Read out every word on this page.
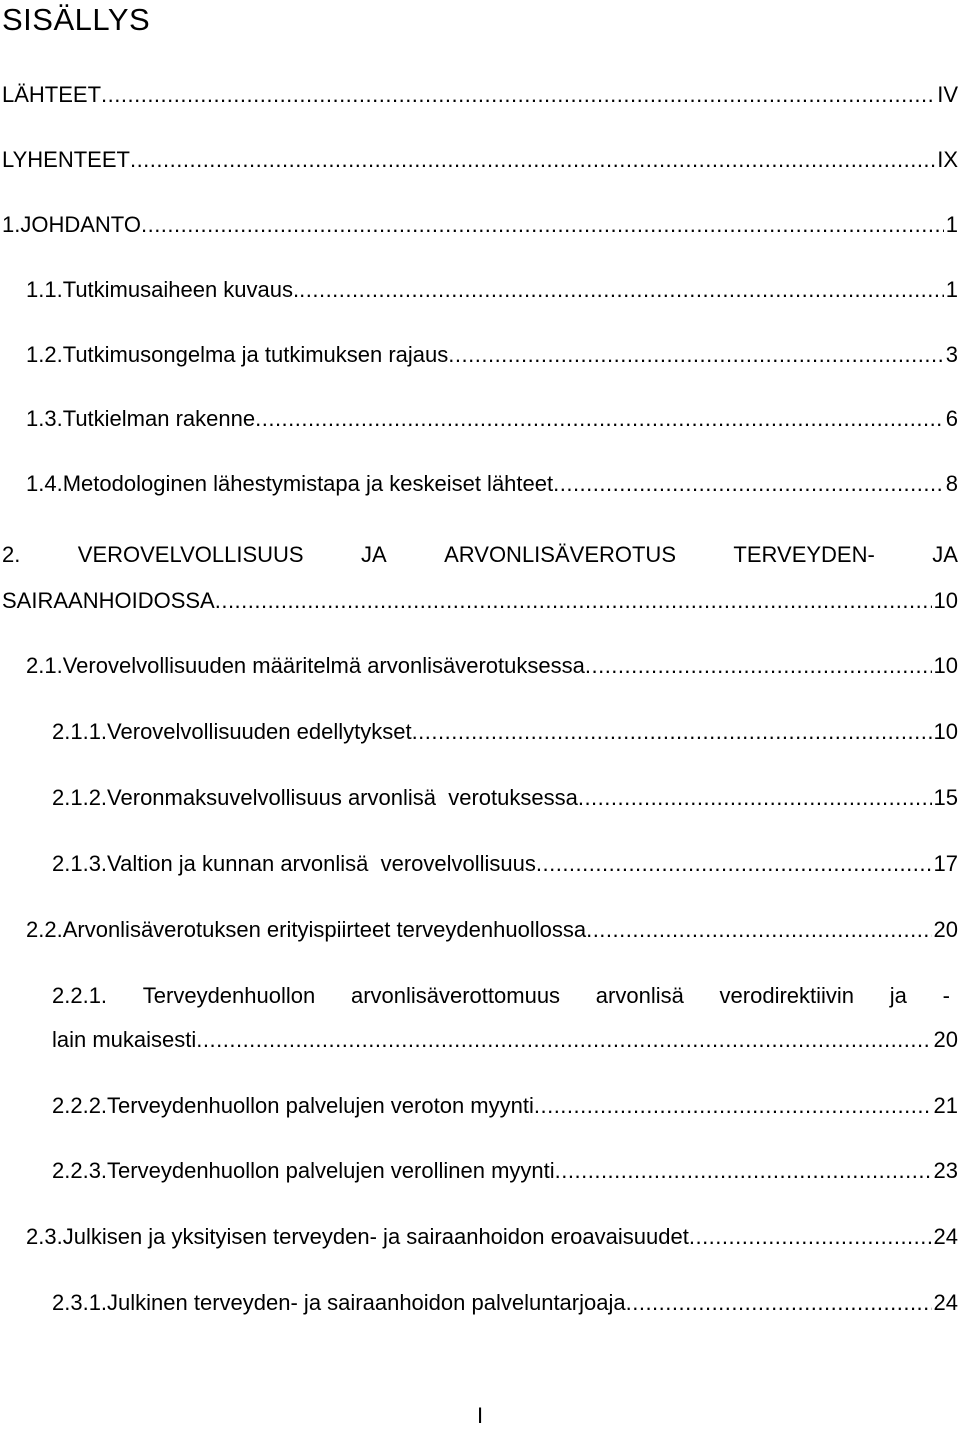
SISÄLLYS
LÄHTEET .....	IV
LYHENTEET .....	IX
1. JOHDANTO .....	1
1.1. Tutkimusaiheen kuvaus. .....	1
1.2. Tutkimusongelma ja tutkimuksen rajaus .....	3
1.3. Tutkielman rakenne .....	6
1.4. Metodologinen lähestymistapa ja keskeiset lähteet .....	8
2.	VEROVELVOLLISUUS	JA	ARVONLISÄVEROTUS	TERVEYDEN-	JA
SAIRAANHOIDOSSA .....	10
2.1. Verovelvollisuuden määritelmä arvonlisäverotuksessa .....	10
2.1.1. Verovelvollisuuden edellytykset .....	10
2.1.2. Veronmaksuvelvollisuus arvonlisä  verotuksessa .....	15
2.1.3. Valtion ja kunnan arvonlisä  verovelvollisuus .....	17
2.2. Arvonlisäverotuksen erityispiirteet terveydenhuollossa .....	20
2.2.1. Terveydenhuollon arvonlisäverottomuus arvonlisä verodirektiivin ja -
lain mukaisesti .....	20
2.2.2. Terveydenhuollon palvelujen veroton myynti .....	21
2.2.3. Terveydenhuollon palvelujen verollinen myynti .....	23
2.3. Julkisen ja yksityisen terveyden- ja sairaanhoidon eroavaisuudet .....	24
2.3.1. Julkinen terveyden- ja sairaanhoidon palveluntarjoaja .....	24
I
